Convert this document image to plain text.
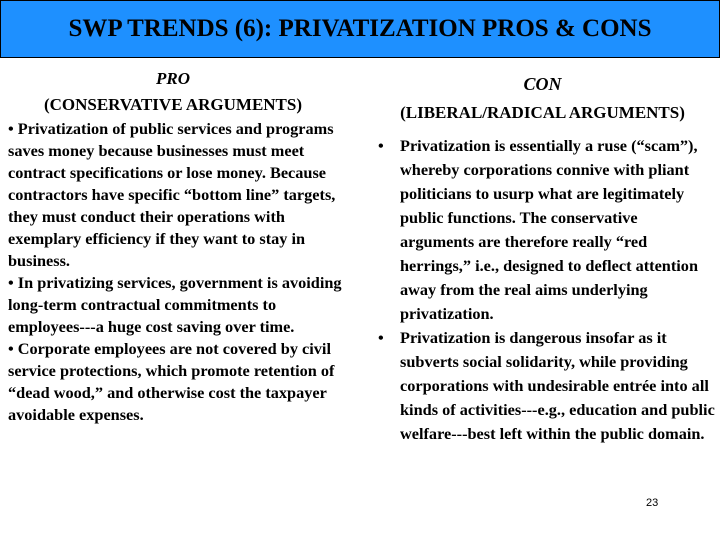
SWP TRENDS (6): PRIVATIZATION PROS & CONS
PRO
(CONSERVATIVE ARGUMENTS)

• Privatization of public services and programs saves money because businesses must meet contract specifications or lose money. Because contractors have specific “bottom line” targets, they must conduct their operations with exemplary efficiency if they want to stay in business.

• In privatizing services, government is avoiding long-term contractual commitments to employees---a huge cost saving over time.

• Corporate employees are not covered by civil service protections, which promote retention of “dead wood,” and otherwise cost the taxpayer avoidable expenses.

CON
(LIBERAL/RADICAL ARGUMENTS)
• Privatization is essentially a ruse (“scam”), whereby corporations connive with pliant politicians to usurp what are legitimately public functions. The conservative arguments are therefore really “red herrings,” i.e., designed to deflect attention away from the real aims underlying privatization.
• Privatization is dangerous insofar as it subverts social solidarity, while providing corporations with undesirable entrée into all kinds of activities---e.g., education and public welfare---best left within the public domain.
23
